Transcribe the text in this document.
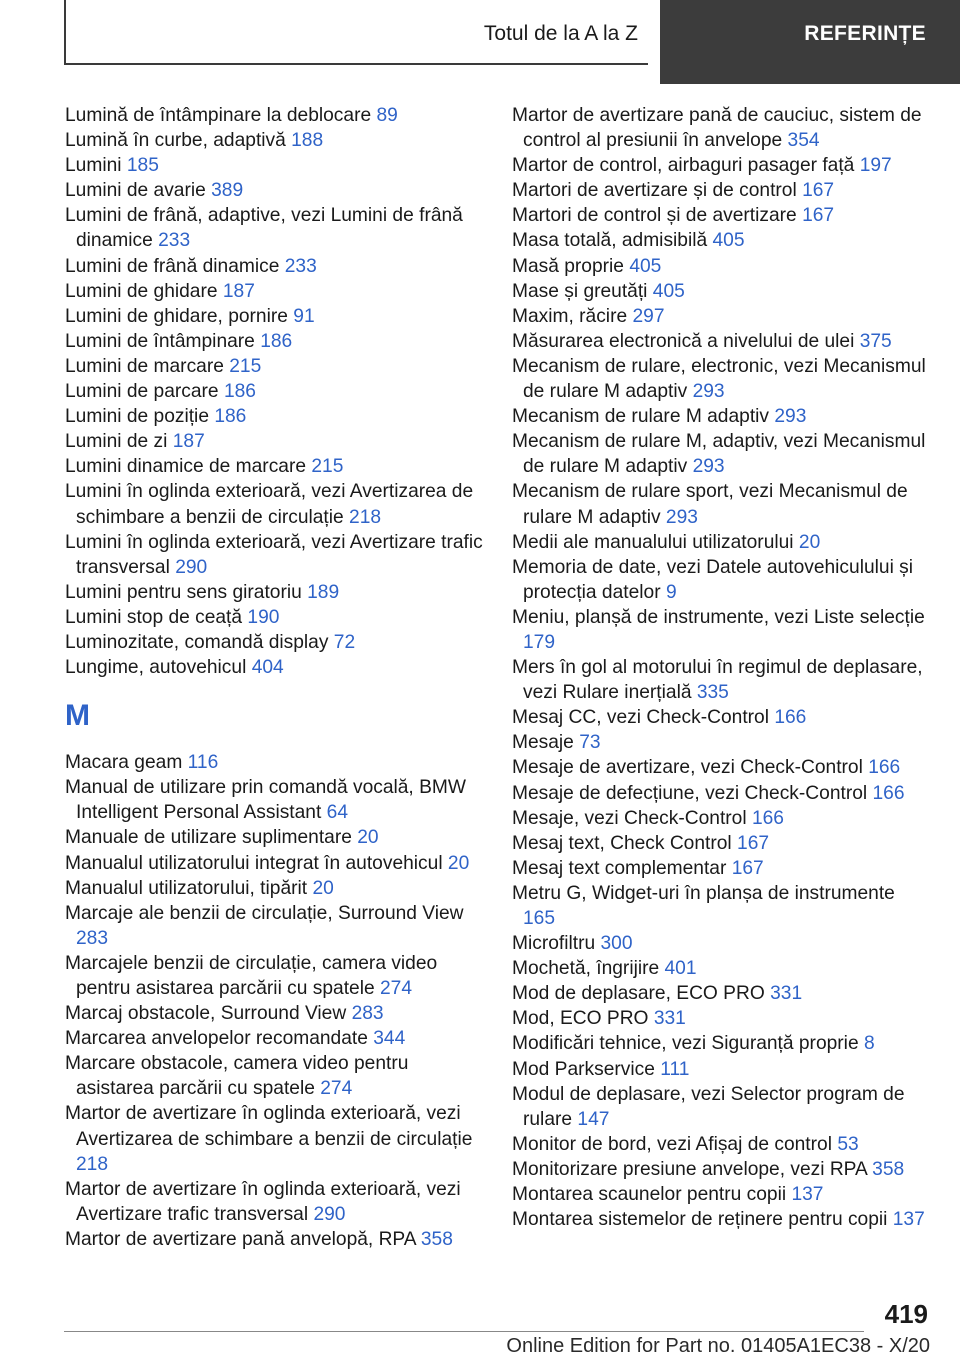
Totul de la A la Z	REFERINȚE
Lumină de întâmpinare la deblocare 89
Lumină în curbe, adaptivă 188
Lumini 185
Lumini de avarie 389
Lumini de frână, adaptive, vezi Lumini de frână dinamice 233
Lumini de frână dinamice 233
Lumini de ghidare 187
Lumini de ghidare, pornire 91
Lumini de întâmpinare 186
Lumini de marcare 215
Lumini de parcare 186
Lumini de poziție 186
Lumini de zi 187
Lumini dinamice de marcare 215
Lumini în oglinda exterioară, vezi Avertizarea de schimbare a benzii de circulație 218
Lumini în oglinda exterioară, vezi Avertizare trafic transversal 290
Lumini pentru sens giratoriu 189
Lumini stop de ceață 190
Luminozitate, comandă display 72
Lungime, autovehicul 404
M
Macara geam 116
Manual de utilizare prin comandă vocală, BMW Intelligent Personal Assistant 64
Manuale de utilizare suplimentare 20
Manualul utilizatorului integrat în autovehicul 20
Manualul utilizatorului, tipărit 20
Marcaje ale benzii de circulație, Surround View 283
Marcajele benzii de circulație, camera video pentru asistarea parcării cu spatele 274
Marcaj obstacole, Surround View 283
Marcarea anvelopelor recomandate 344
Marcare obstacole, camera video pentru asistarea parcării cu spatele 274
Martor de avertizare în oglinda exterioară, vezi Avertizarea de schimbare a benzii de circulație 218
Martor de avertizare în oglinda exterioară, vezi Avertizare trafic transversal 290
Martor de avertizare pană anvelopă, RPA 358
Martor de avertizare pană de cauciuc, sistem de control al presiunii în anvelope 354
Martor de control, airbaguri pasager față 197
Martori de avertizare și de control 167
Martori de control și de avertizare 167
Masa totală, admisibilă 405
Masă proprie 405
Mase și greutăți 405
Maxim, răcire 297
Măsurarea electronică a nivelului de ulei 375
Mecanism de rulare, electronic, vezi Mecanismul de rulare M adaptiv 293
Mecanism de rulare M adaptiv 293
Mecanism de rulare M, adaptiv, vezi Mecanismul de rulare M adaptiv 293
Mecanism de rulare sport, vezi Mecanismul de rulare M adaptiv 293
Medii ale manualului utilizatorului 20
Memoria de date, vezi Datele autovehiculului și protecția datelor 9
Meniu, planșă de instrumente, vezi Liste selecție 179
Mers în gol al motorului în regimul de deplasare, vezi Rulare inerțială 335
Mesaj CC, vezi Check-Control 166
Mesaje 73
Mesaje de avertizare, vezi Check-Control 166
Mesaje de defecțiune, vezi Check-Control 166
Mesaje, vezi Check-Control 166
Mesaj text, Check Control 167
Mesaj text complementar 167
Metru G, Widget-uri în planșa de instrumente 165
Microfiltru 300
Mochetă, îngrijire 401
Mod de deplasare, ECO PRO 331
Mod, ECO PRO 331
Modificări tehnice, vezi Siguranță proprie 8
Mod Parkservice 111
Modul de deplasare, vezi Selector program de rulare 147
Monitor de bord, vezi Afișaj de control 53
Monitorizare presiune anvelope, vezi RPA 358
Montarea scaunelor pentru copii 137
Montarea sistemelor de reținere pentru copii 137
419
Online Edition for Part no. 01405A1EC38 - X/20
